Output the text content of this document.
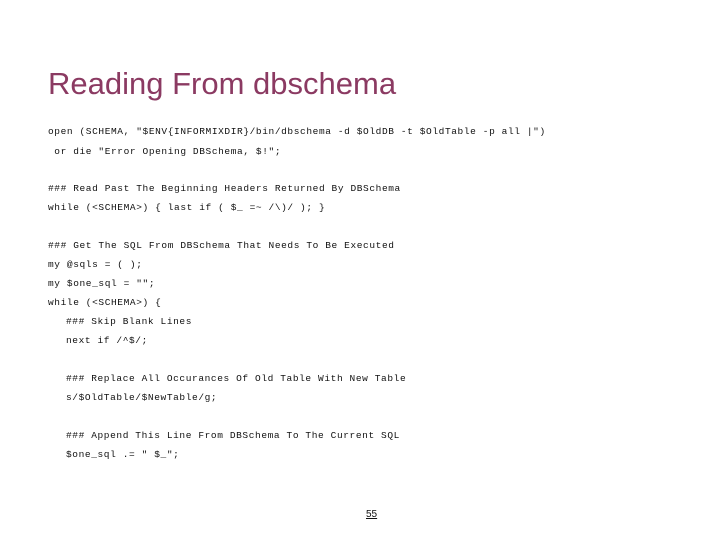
Reading From dbschema
open (SCHEMA, "$ENV{INFORMIXDIR}/bin/dbschema -d $OldDB -t $OldTable -p all |")
or die "Error Opening DBSchema, $!";
### Read Past The Beginning Headers Returned By DBSchema
while (<SCHEMA>) { last if ( $_ =~ /\)/ ); }
### Get The SQL From DBSchema That Needs To Be Executed
my @sqls = ( );
my $one_sql = "";
while (<SCHEMA>) {
### Skip Blank Lines
next if /^$/;
### Replace All Occurances Of Old Table With New Table
s/$OldTable/$NewTable/g;
### Append This Line From DBSchema To The Current SQL
$one_sql .= " $_";
55
